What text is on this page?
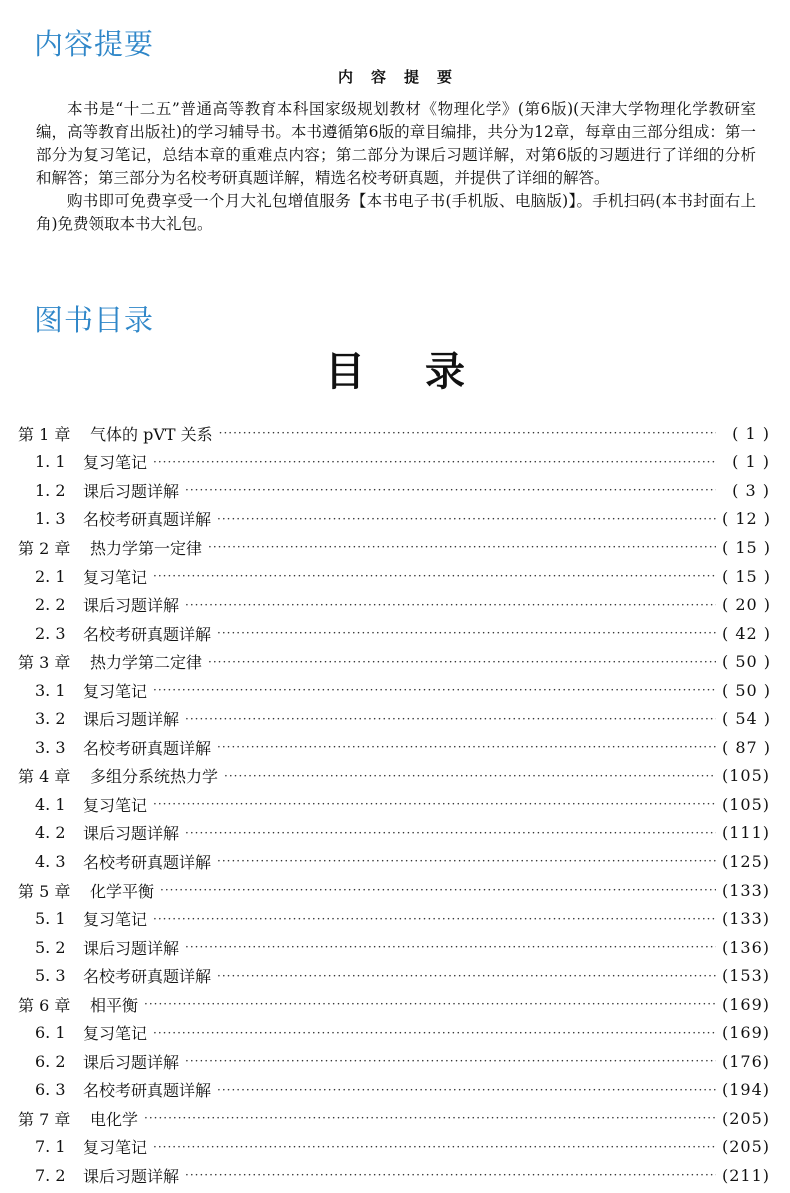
内容提要
内容提要

本书是“十二五”普通高等教育本科国家级规划教材《物理化学》(第6版)(天津大学物理化学教研室编，高等教育出版社)的学习辅导书。本书遵循第6版的章目编排，共分为12章，每章由三部分组成：第一部分为复习笔记，总结本章的重难点内容；第二部分为课后习题详解，对第6版的习题进行了详细的分析和解答；第三部分为名校考研真题详解，精选名校考研真题，并提供了详细的解答。

购书即可免费享受一个月大礼包增值服务【本书电子书(手机版、电脑版)】。手机扫码(本书封面右上角)免费领取本书大礼包。

图书目录
目录
第 1 章	气体的 pVT 关系 ·····	( 1 )
1. 1	复习笔记 ·····	( 1 )
1. 2	课后习题详解 ·····	( 3 )
1. 3	名校考研真题详解 ·····	( 12 )
第 2 章	热力学第一定律 ·····	( 15 )
2. 1	复习笔记 ·····	( 15 )
2. 2	课后习题详解 ·····	( 20 )
2. 3	名校考研真题详解 ·····	( 42 )
第 3 章	热力学第二定律 ·····	( 50 )
3. 1	复习笔记 ·····	( 50 )
3. 2	课后习题详解 ·····	( 54 )
3. 3	名校考研真题详解 ·····	( 87 )
第 4 章	多组分系统热力学 ·····	(105)
4. 1	复习笔记 ·····	(105)
4. 2	课后习题详解 ·····	(111)
4. 3	名校考研真题详解 ·····	(125)
第 5 章	化学平衡 ·····	(133)
5. 1	复习笔记 ·····	(133)
5. 2	课后习题详解 ·····	(136)
5. 3	名校考研真题详解 ·····	(153)
第 6 章	相平衡 ·····	(169)
6. 1	复习笔记 ·····	(169)
6. 2	课后习题详解 ·····	(176)
6. 3	名校考研真题详解 ·····	(194)
第 7 章	电化学 ·····	(205)
7. 1	复习笔记 ·····	(205)
7. 2	课后习题详解 ·····	(211)
